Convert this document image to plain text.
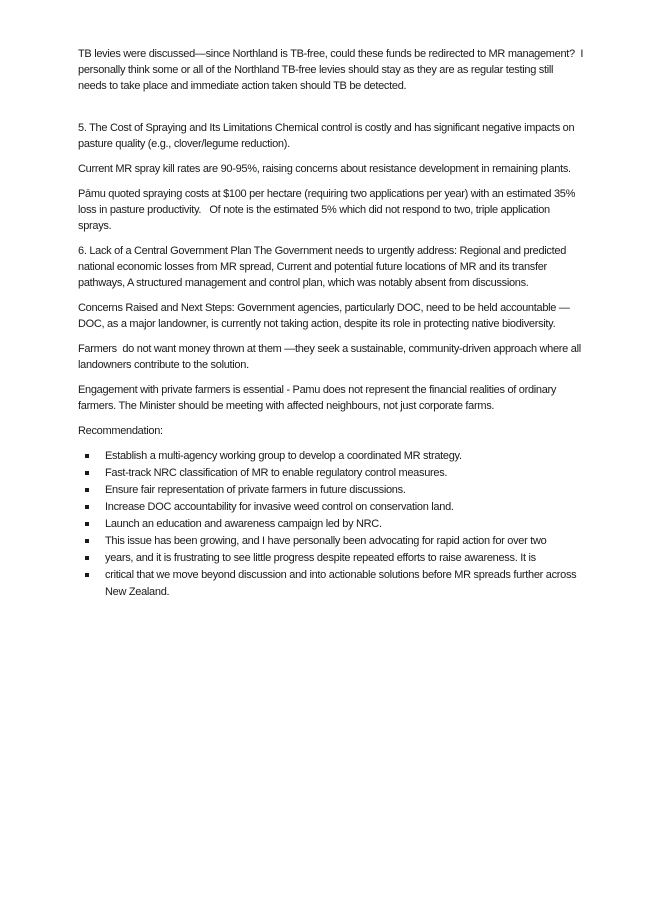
TB levies were discussed—since Northland is TB-free, could these funds be redirected to MR management?  I personally think some or all of the Northland TB-free levies should stay as they are as regular testing still needs to take place and immediate action taken should TB be detected.

5. The Cost of Spraying and Its Limitations Chemical control is costly and has significant negative impacts on pasture quality (e.g., clover/legume reduction).

Current MR spray kill rates are 90-95%, raising concerns about resistance development in remaining plants.

Pāmu quoted spraying costs at $100 per hectare (requiring two applications per year) with an estimated 35% loss in pasture productivity.   Of note is the estimated 5% which did not respond to two, triple application sprays.

6. Lack of a Central Government Plan The Government needs to urgently address: Regional and predicted national economic losses from MR spread, Current and potential future locations of MR and its transfer pathways, A structured management and control plan, which was notably absent from discussions.

Concerns Raised and Next Steps: Government agencies, particularly DOC, need to be held accountable —DOC, as a major landowner, is currently not taking action, despite its role in protecting native biodiversity.

Farmers  do not want money thrown at them —they seek a sustainable, community-driven approach where all landowners contribute to the solution.

Engagement with private farmers is essential - Pamu does not represent the financial realities of ordinary farmers. The Minister should be meeting with affected neighbours, not just corporate farms.

Recommendation:

Establish a multi-agency working group to develop a coordinated MR strategy.
Fast-track NRC classification of MR to enable regulatory control measures.
Ensure fair representation of private farmers in future discussions.
Increase DOC accountability for invasive weed control on conservation land.
Launch an education and awareness campaign led by NRC.
This issue has been growing, and I have personally been advocating for rapid action for over two
years, and it is frustrating to see little progress despite repeated efforts to raise awareness. It is
critical that we move beyond discussion and into actionable solutions before MR spreads further across New Zealand.
